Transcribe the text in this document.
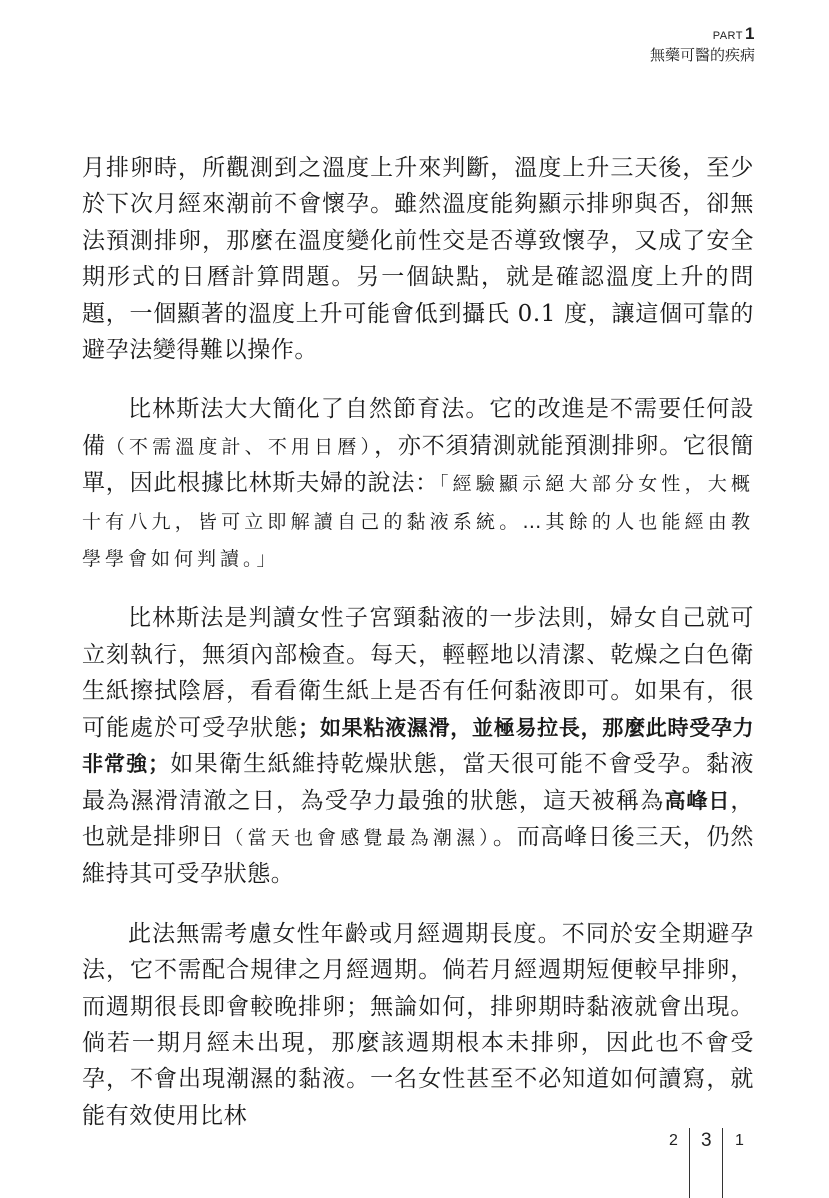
PART 1
無藥可醫的疾病

月排卵時，所觀測到之溫度上升來判斷，溫度上升三天後，至少於下次月經來潮前不會懷孕。雖然溫度能夠顯示排卵與否，卻無法預測排卵，那麼在溫度變化前性交是否導致懷孕，又成了安全期形式的日曆計算問題。另一個缺點，就是確認溫度上升的問題，一個顯著的溫度上升可能會低到攝氏 0.1 度，讓這個可靠的避孕法變得難以操作。

比林斯法大大簡化了自然節育法。它的改進是不需要任何設備（不需溫度計、不用日曆），亦不須猜測就能預測排卵。它很簡單，因此根據比林斯夫婦的說法：「經驗顯示絕大部分女性，大概十有八九，皆可立即解讀自己的黏液系統。…其餘的人也能經由教學學會如何判讀。」

比林斯法是判讀女性子宮頸黏液的一步法則，婦女自己就可立刻執行，無須內部檢查。每天，輕輕地以清潔、乾燥之白色衛生紙擦拭陰唇，看看衛生紙上是否有任何黏液即可。如果有，很可能處於可受孕狀態；如果粘液濕滑，並極易拉長，那麼此時受孕力非常強；如果衛生紙維持乾燥狀態，當天很可能不會受孕。黏液最為濕滑清澈之日，為受孕力最強的狀態，這天被稱為高峰日，也就是排卵日（當天也會感覺最為潮濕）。而高峰日後三天，仍然維持其可受孕狀態。

此法無需考慮女性年齡或月經週期長度。不同於安全期避孕法，它不需配合規律之月經週期。倘若月經週期短便較早排卵，而週期很長即會較晚排卵；無論如何，排卵期時黏液就會出現。倘若一期月經未出現，那麼該週期根本未排卵，因此也不會受孕，不會出現潮濕的黏液。一名女性甚至不必知道如何讀寫，就能有效使用比林

2 3 1
